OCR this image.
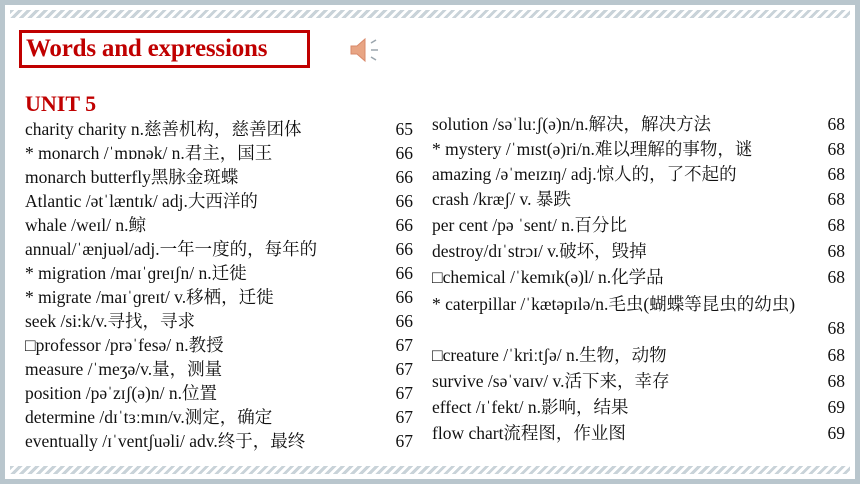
Words and expressions
UNIT 5
charity charity n.慈善机构，慈善团体	65
* monarch /ˈmɒnək/ n.君主，国王	66
monarch butterfly黑脉金斑蝶	66
Atlantic /ətˈlæntɪk/ adj.大西洋的	66
whale /weɪl/ n.鲸	66
annual/ˈænjuəl/adj.一年一度的，每年的	66
* migration /maɪˈɡreɪʃn/ n.迁徙	66
* migrate /maɪˈɡreɪt/ v.移栖，迁徙	66
seek /si:k/v.寻找，寻求	66
□professor /prəˈfesə/ n.教授	67
measure /ˈmeʒə/v.量，测量	67
position /pəˈzɪʃ(ə)n/ n.位置	67
determine /dɪˈtɜːmɪn/v.测定，确定	67
eventually /ɪˈventʃuəli/ adv.终于，最终	67
solution /səˈluːʃ(ə)n/n.解决，解决方法	68
* mystery /ˈmɪst(ə)ri/n.难以理解的事物，谜	68
amazing /əˈmeɪzɪŋ/ adj.惊人的，了不起的	68
crash /kræʃ/ v. 暴跌	68
per cent /pə ˈsent/ n.百分比	68
destroy/dɪˈstrɔɪ/ v.破坏，毁掉	68
□chemical /ˈkemɪk(ə)l/ n.化学品	68
* caterpillar /ˈkætəpɪlə/n.毛虫(蝴蝶等昆虫的幼虫)
68
□creature /ˈkriːtʃə/ n.生物，动物	68
survive /səˈvaɪv/ v.活下来，幸存	68
effect /ɪˈfekt/ n.影响，结果	69
flow chart流程图，作业图	69
